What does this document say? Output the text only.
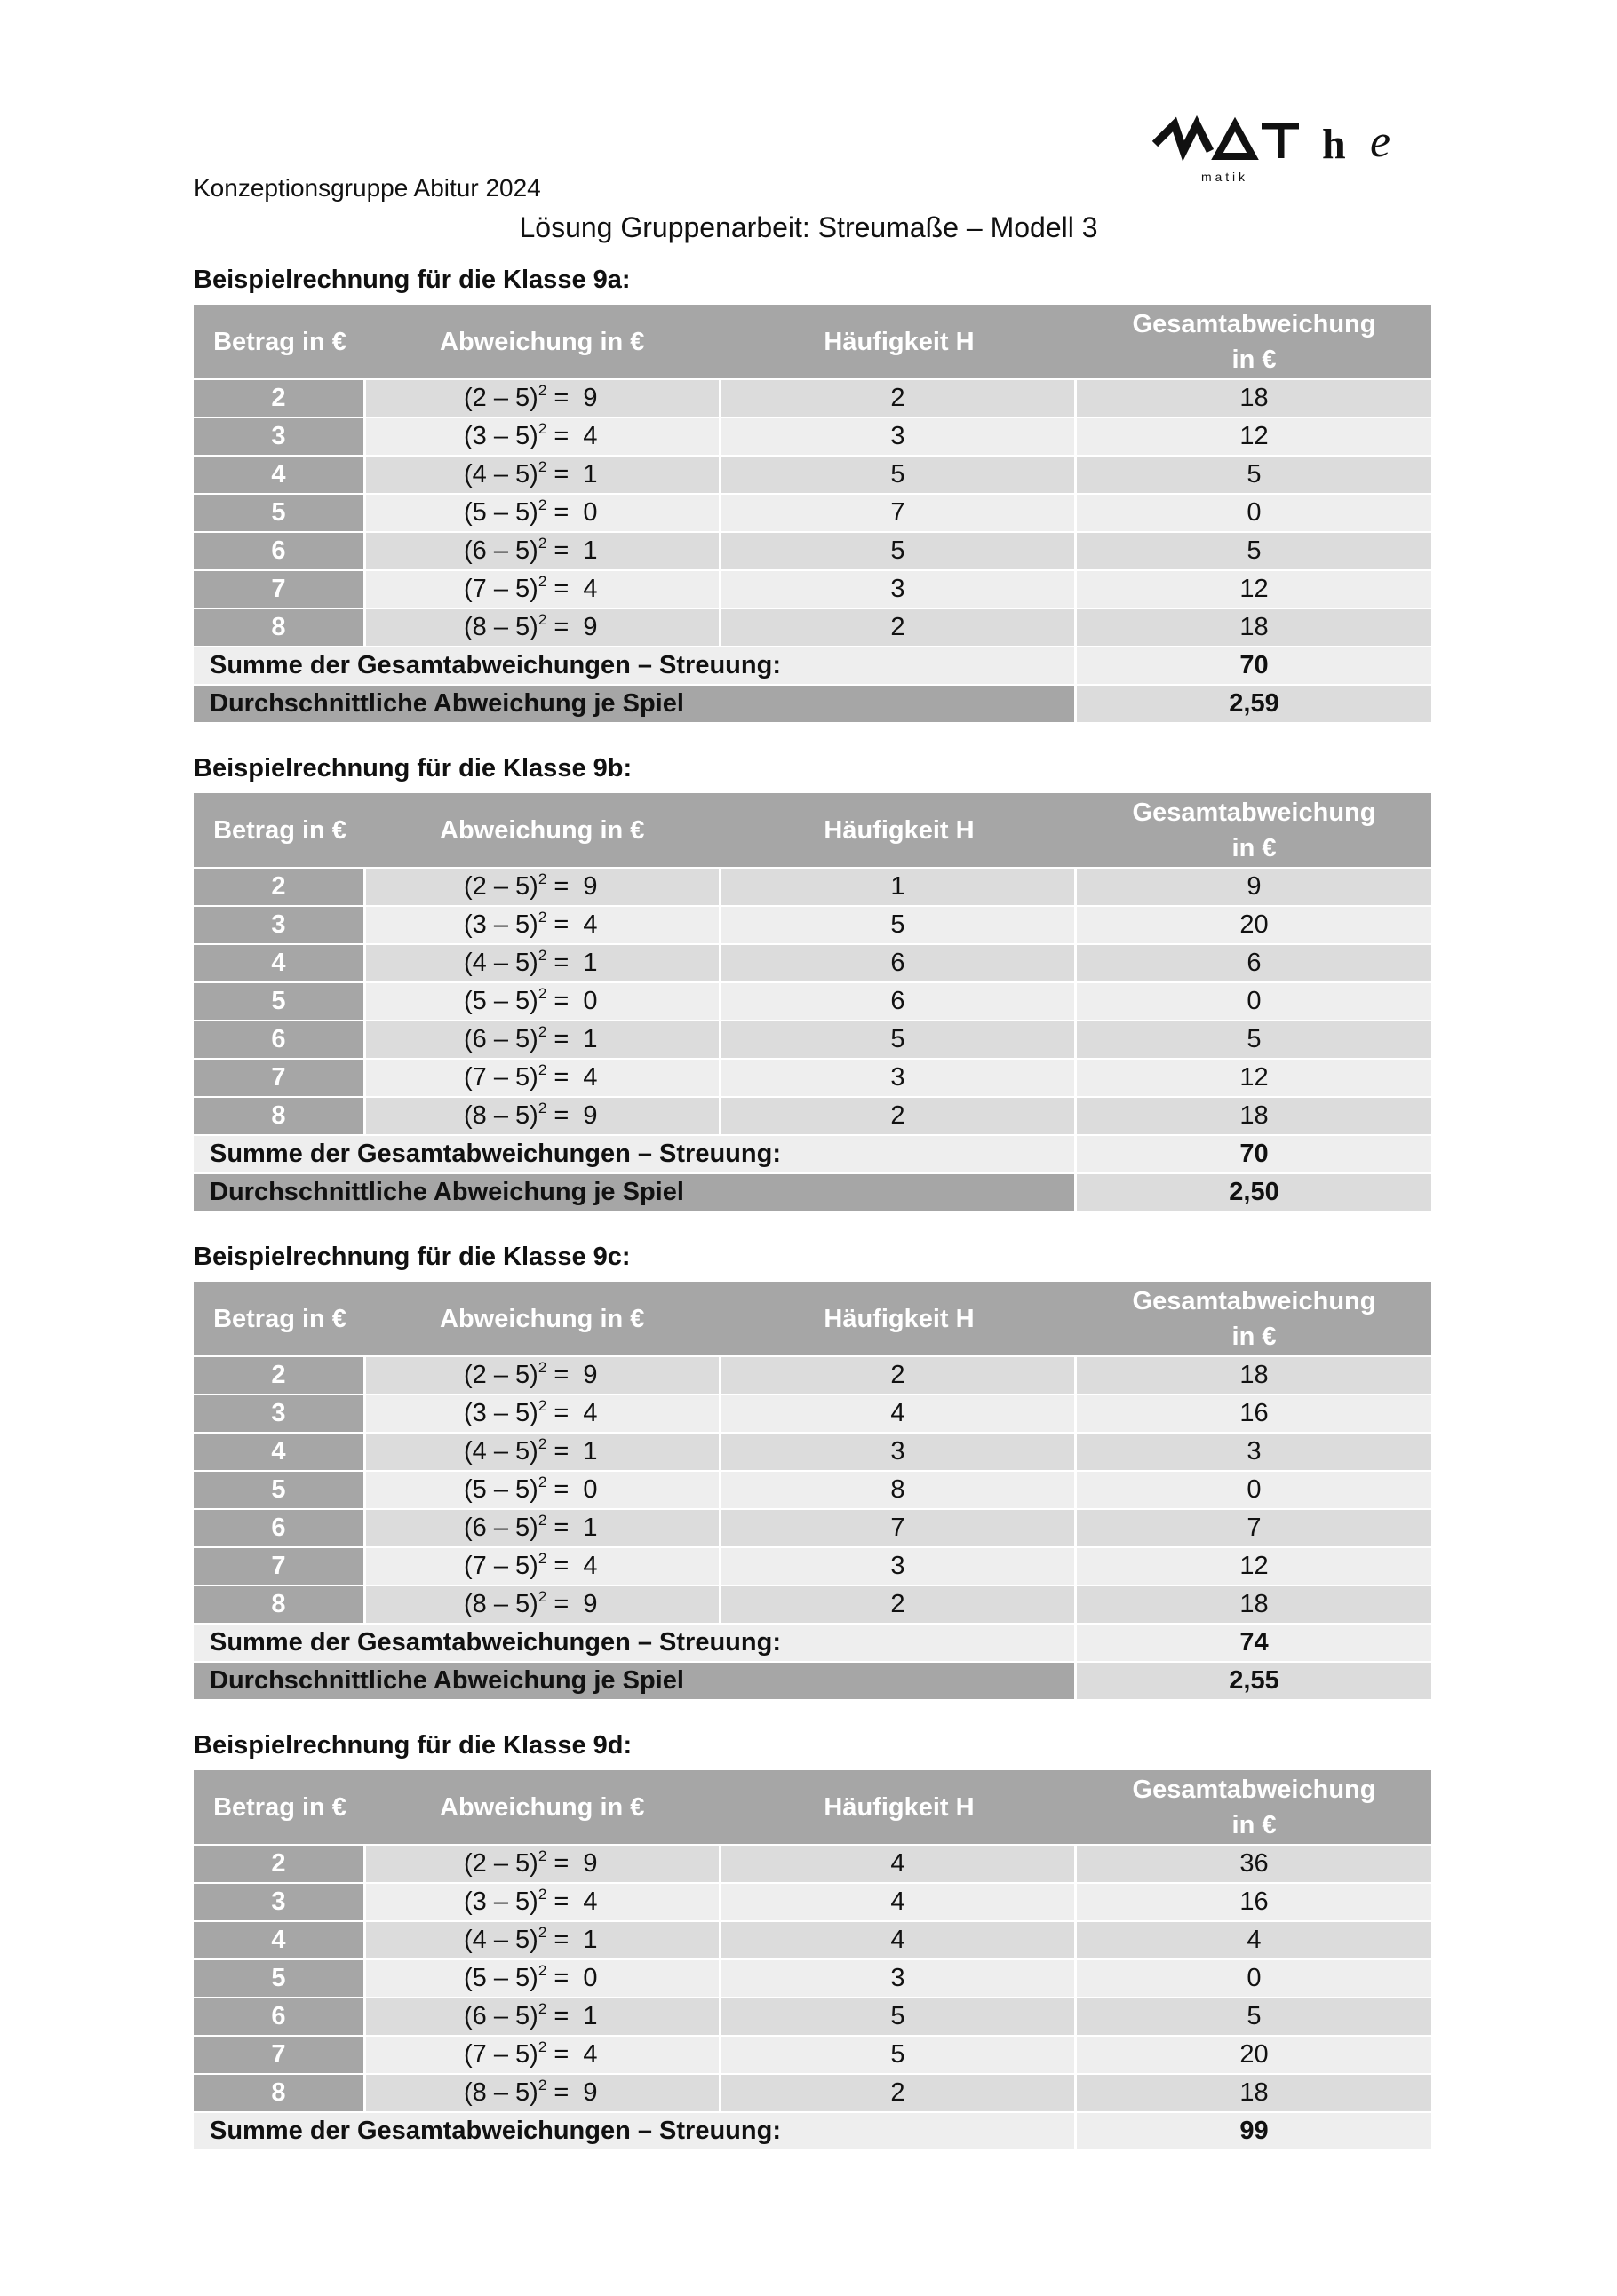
h e
m a t i k
Konzeptionsgruppe Abitur 2024
Lösung Gruppenarbeit: Streumaße – Modell 3
Beispielrechnung für die Klasse 9a:
Betrag in €	Abweichung in €	Häufigkeit H	Gesamtabweichung
in €
2	(2 – 5)$^2$ =  9	2	18
3	(3 – 5)$^2$ =  4	3	12
4	(4 – 5)$^2$ =  1	5	5
5	(5 – 5)$^2$ =  0	7	0
6	(6 – 5)$^2$ =  1	5	5
7	(7 – 5)$^2$ =  4	3	12
8	(8 – 5)$^2$ =  9	2	18
Summe der Gesamtabweichungen – Streuung:			70
Durchschnittliche Abweichung je Spiel			2,59
Beispielrechnung für die Klasse 9b:
Betrag in €	Abweichung in €	Häufigkeit H	Gesamtabweichung
in €
2	(2 – 5)$^2$ =  9	1	9
3	(3 – 5)$^2$ =  4	5	20
4	(4 – 5)$^2$ =  1	6	6
5	(5 – 5)$^2$ =  0	6	0
6	(6 – 5)$^2$ =  1	5	5
7	(7 – 5)$^2$ =  4	3	12
8	(8 – 5)$^2$ =  9	2	18
Summe der Gesamtabweichungen – Streuung:			70
Durchschnittliche Abweichung je Spiel			2,50
Beispielrechnung für die Klasse 9c:
Betrag in €	Abweichung in €	Häufigkeit H	Gesamtabweichung
in €
2	(2 – 5)$^2$ =  9	2	18
3	(3 – 5)$^2$ =  4	4	16
4	(4 – 5)$^2$ =  1	3	3
5	(5 – 5)$^2$ =  0	8	0
6	(6 – 5)$^2$ =  1	7	7
7	(7 – 5)$^2$ =  4	3	12
8	(8 – 5)$^2$ =  9	2	18
Summe der Gesamtabweichungen – Streuung:			74
Durchschnittliche Abweichung je Spiel			2,55
Beispielrechnung für die Klasse 9d:
Betrag in €	Abweichung in €	Häufigkeit H	Gesamtabweichung
in €
2	(2 – 5)$^2$ =  9	4	36
3	(3 – 5)$^2$ =  4	4	16
4	(4 – 5)$^2$ =  1	4	4
5	(5 – 5)$^2$ =  0	3	0
6	(6 – 5)$^2$ =  1	5	5
7	(7 – 5)$^2$ =  4	5	20
8	(8 – 5)$^2$ =  9	2	18
Summe der Gesamtabweichungen – Streuung:			99
